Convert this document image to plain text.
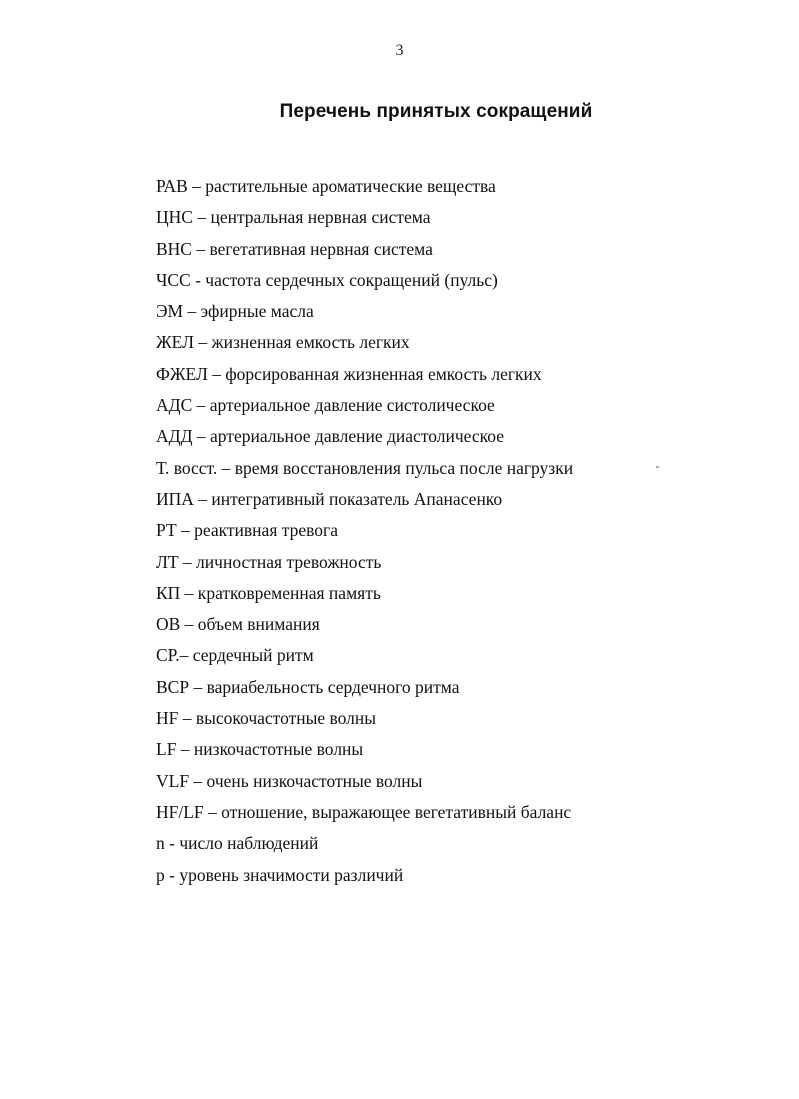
3
Перечень принятых сокращений
РАВ – растительные ароматические вещества
ЦНС – центральная нервная система
ВНС – вегетативная нервная система
ЧСС - частота сердечных сокращений (пульс)
ЭМ – эфирные масла
ЖЕЛ – жизненная емкость легких
ФЖЕЛ – форсированная жизненная емкость легких
АДС – артериальное давление систолическое
АДД – артериальное давление диастолическое
Т. восст. – время восстановления пульса после нагрузки
ИПА – интегративный показатель Апанасенко
РТ – реактивная тревога
ЛТ – личностная тревожность
КП – кратковременная память
ОВ – объем внимания
СР.– сердечный ритм
ВСР – вариабельность сердечного ритма
HF – высокочастотные волны
LF – низкочастотные волны
VLF – очень низкочастотные волны
HF/LF – отношение, выражающее вегетативный баланс
n - число наблюдений
p - уровень значимости различий
